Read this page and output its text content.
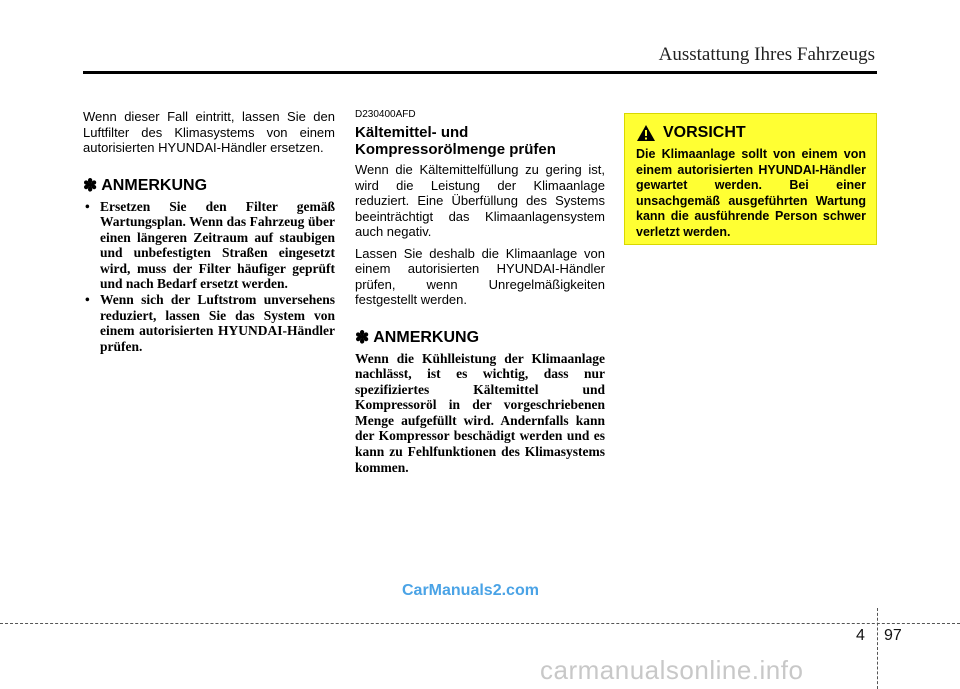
Ausstattung Ihres Fahrzeugs

Wenn dieser Fall eintritt, lassen Sie den Luftfilter des Klimasystems von einem autorisierten HYUNDAI-Händler ersetzen.

✽ ANMERKUNG
• Ersetzen Sie den Filter gemäß Wartungsplan. Wenn das Fahrzeug über einen längeren Zeitraum auf staubigen und unbefestigten Straßen eingesetzt wird, muss der Filter häufiger geprüft und nach Bedarf ersetzt werden.
• Wenn sich der Luftstrom unversehens reduziert, lassen Sie das System von einem autorisierten HYUNDAI-Händler prüfen.
D230400AFD
Kältemittel- und Kompressorölmenge prüfen

Wenn die Kältemittelfüllung zu gering ist, wird die Leistung der Klimaanlage reduziert. Eine Überfüllung des Systems beeinträchtigt das Klimaanlagensystem auch negativ.

Lassen Sie deshalb die Klimaanlage von einem autorisierten HYUNDAI-Händler prüfen, wenn Unregelmäßigkeiten festgestellt werden.

✽ ANMERKUNG

Wenn die Kühlleistung der Klimaanlage nachlässt, ist es wichtig, dass nur spezifiziertes Kältemittel und Kompressoröl in der vorgeschriebenen Menge aufgefüllt wird. Andernfalls kann der Kompressor beschädigt werden und es kann zu Fehlfunktionen des Klimasystems kommen.

VORSICHT

Die Klimaanlage sollt von einem von einem autorisierten HYUNDAI-Händler gewartet werden. Bei einer unsachgemäß ausgeführten Wartung kann die ausführende Person schwer verletzt werden.

CarManuals2.com
4 97
carmanualsonline.info
